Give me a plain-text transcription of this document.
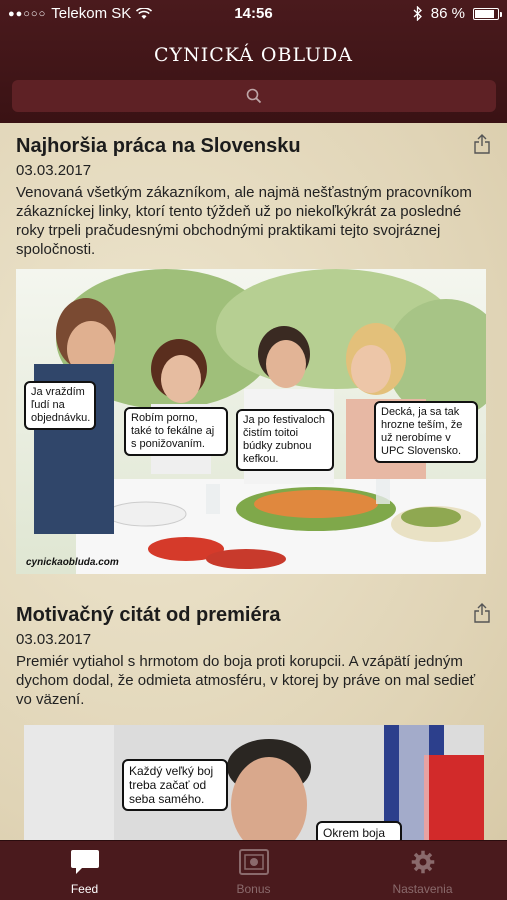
●●○○○ Telekom SK	14:56	86 %
CYNICKÁ OBLUDA
Najhoršia práca na Slovensku
03.03.2017
Venovaná všetkým zákazníkom, ale najmä nešťastným pracovníkom zákazníckej linky, ktorí tento týždeň už po niekoľkýkrát za posledné roky trpeli pračudesnými obchodnými praktikami tejto svojráznej spoločnosti.
Ja vraždím ľudí na objednávku.	Robím porno, také to fekálne aj s ponižovaním.
Ja po festivaloch čistím toitoi búdky zubnou kefkou.
Decká, ja sa tak hrozne teším, že už nerobíme v UPC Slovensko.
cynickaobluda.com
Motivačný citát od premiéra
03.03.2017
Premiér vytiahol s hrmotom do boja proti korupcii. A vzápätí jedným dychom dodal, že odmieta atmosféru, v ktorej by práve on mal sedieť vo väzení.
Každý veľký boj treba začať od seba samého.
Okrem boja
Feed	Bonus	Nastavenia
